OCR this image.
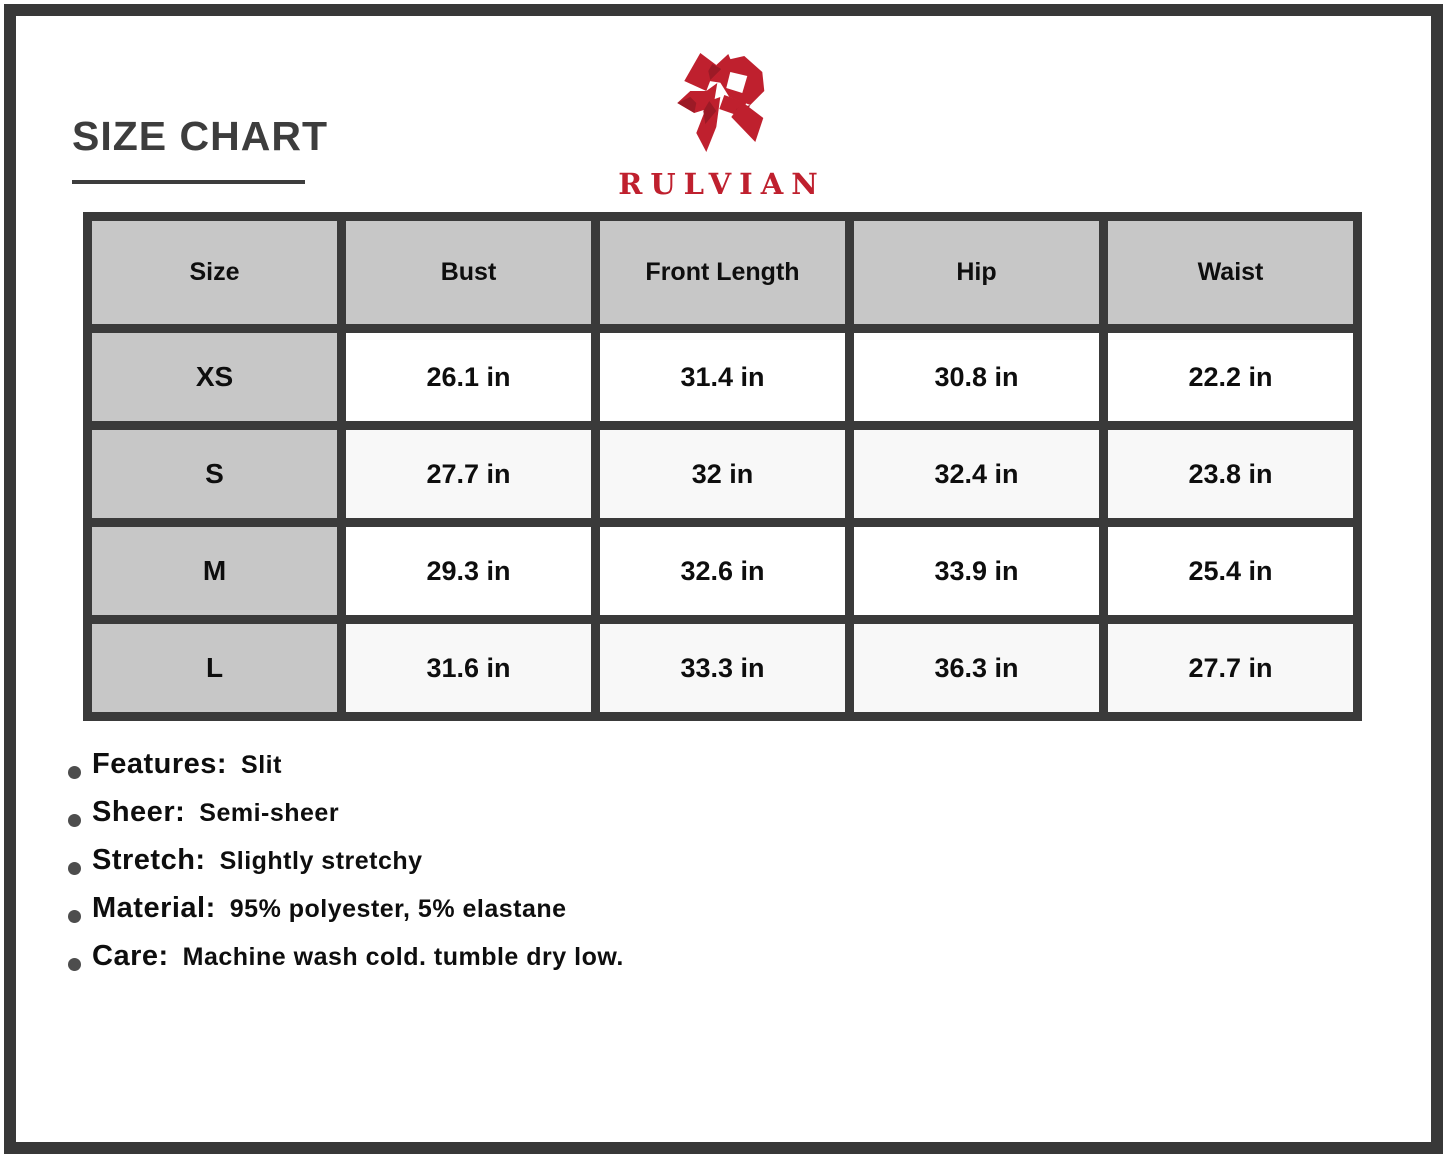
SIZE CHART
RULVIAN
Size	Bust	Front Length	Hip	Waist
XS	26.1 in	31.4 in	30.8 in	22.2 in
S	27.7 in	32 in	32.4 in	23.8 in
M	29.3 in	32.6 in	33.9 in	25.4 in
L	31.6 in	33.3 in	36.3 in	27.7 in
Features: Slit
Sheer: Semi-sheer
Stretch: Slightly stretchy
Material: 95% polyester, 5% elastane
Care: Machine wash cold. tumble dry low.
